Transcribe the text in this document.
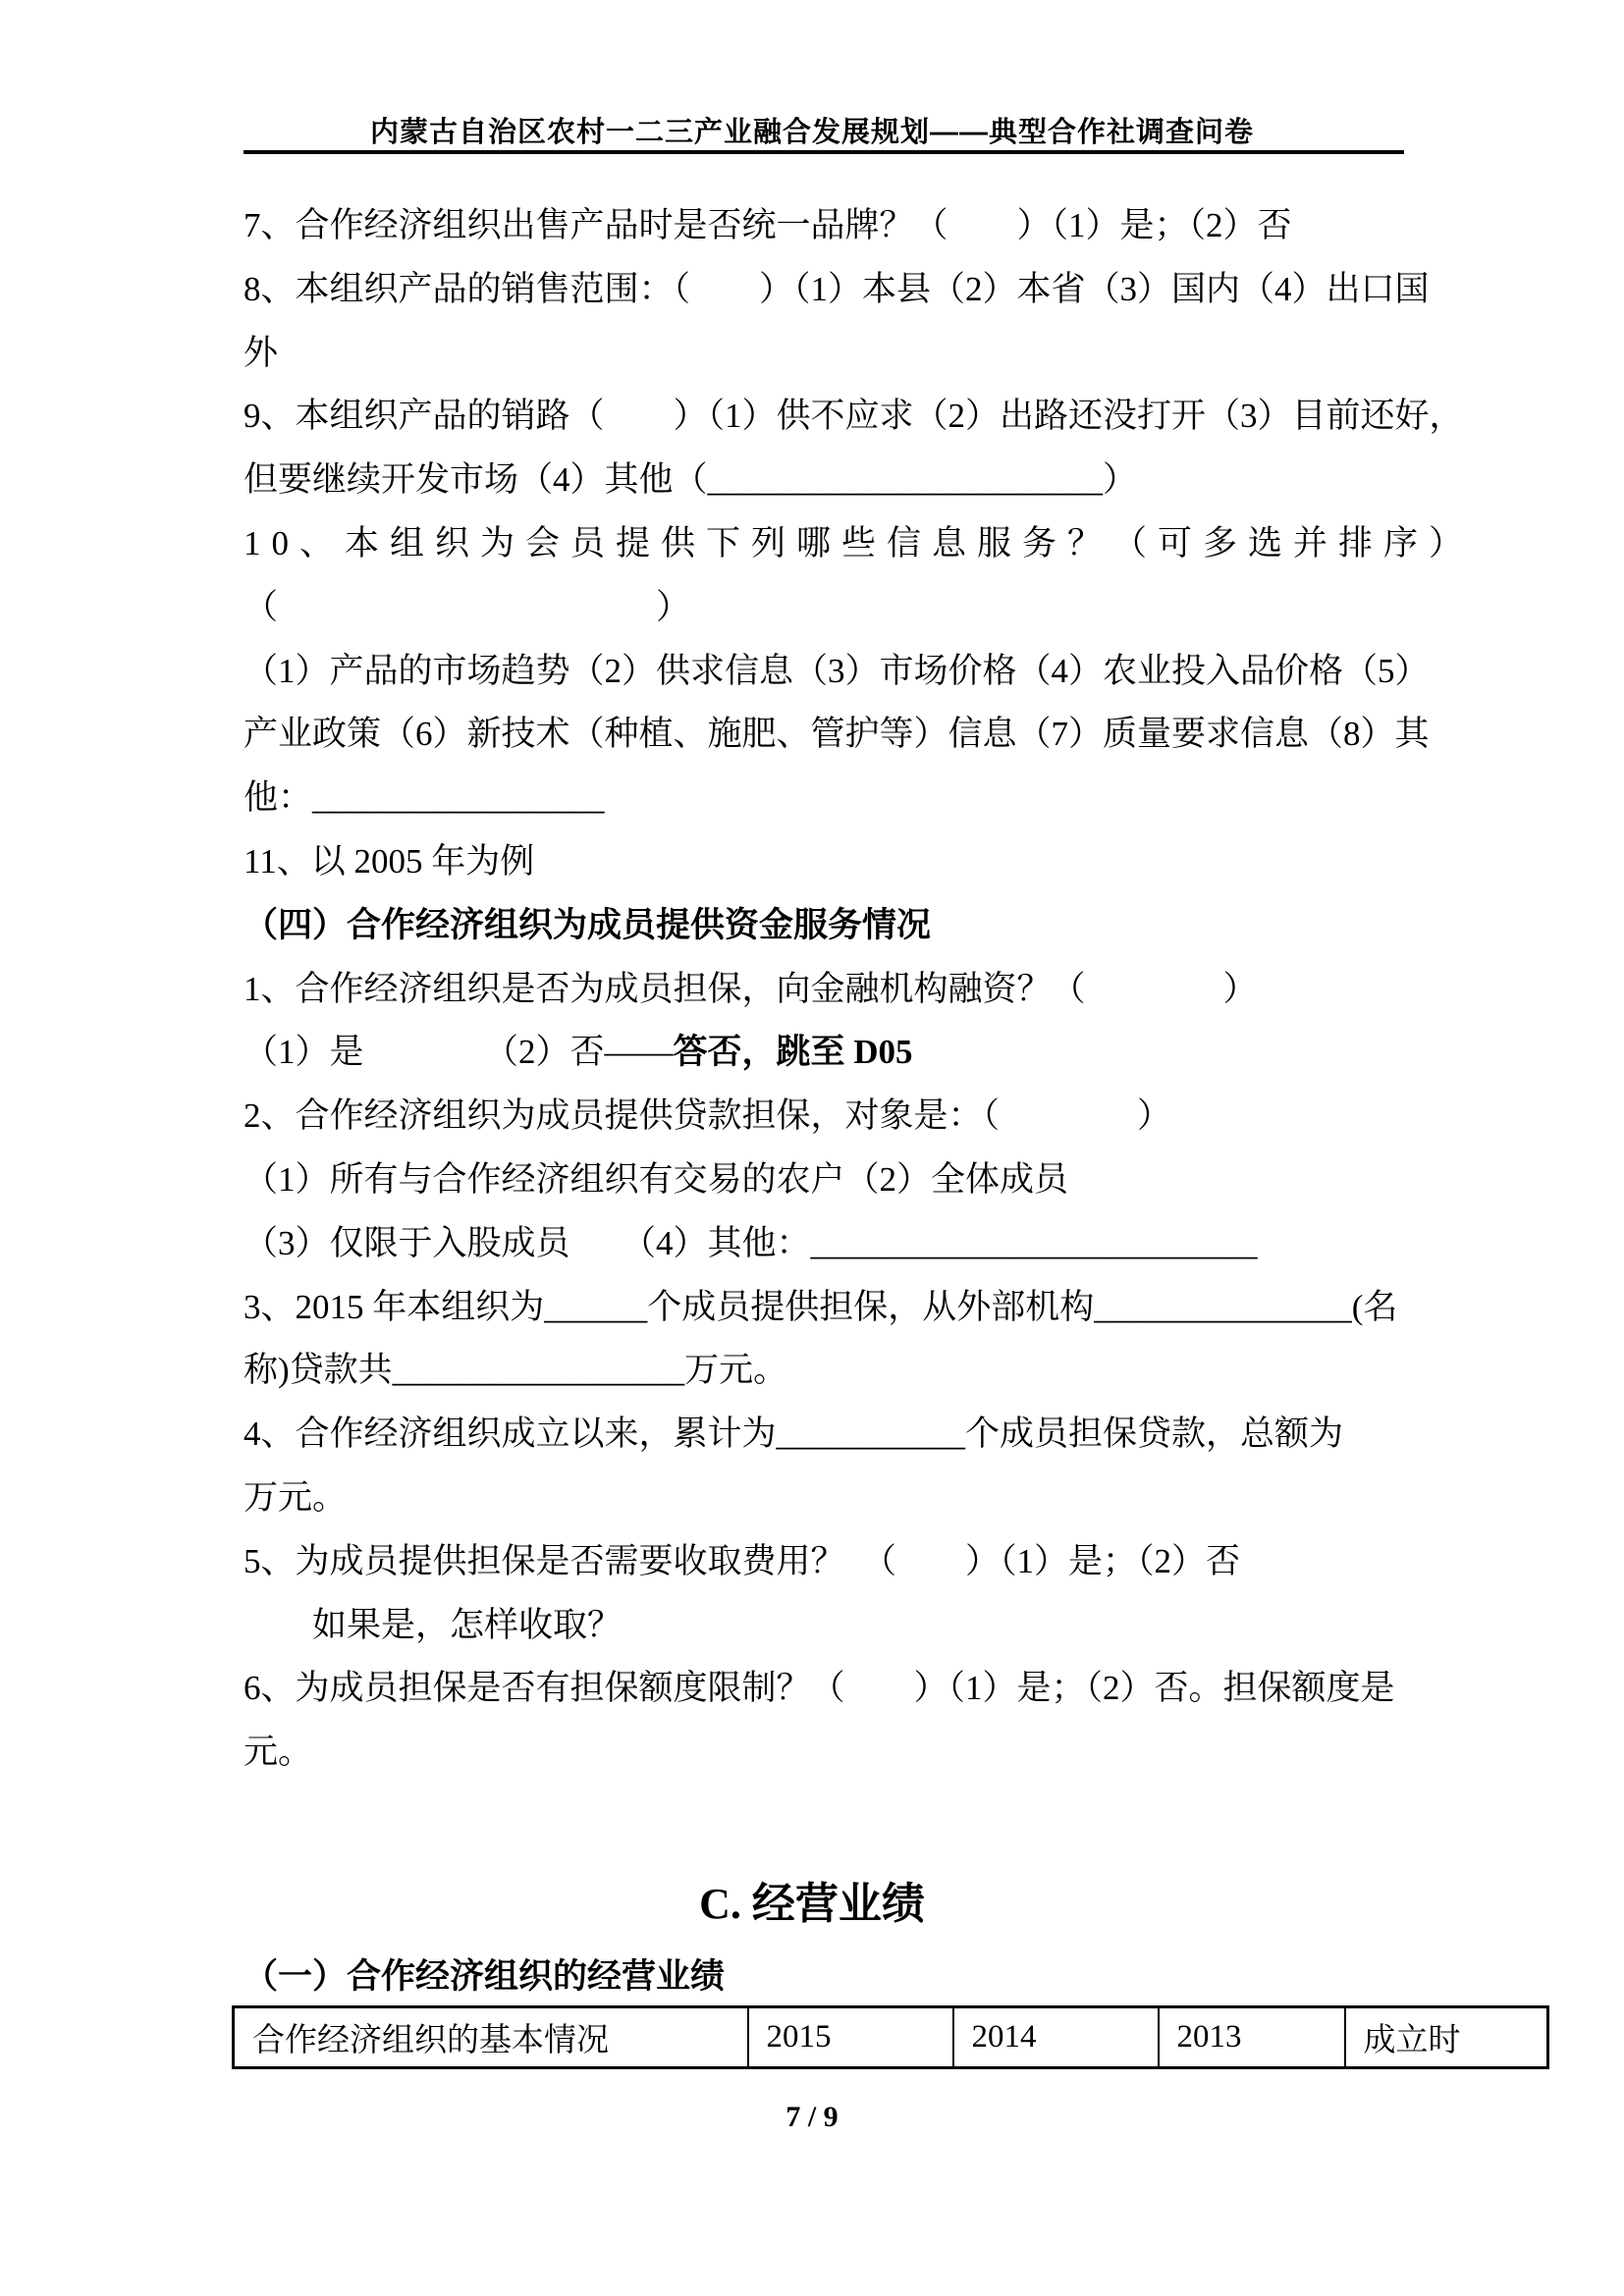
内蒙古自治区农村一二三产业融合发展规划——典型合作社调查问卷
7、合作经济组织出售产品时是否统一品牌？（　　）（1）是；（2）否
8、本组织产品的销售范围：（　　）（1）本县（2）本省（3）国内（4）出口国
外
9、本组织产品的销路（　　）（1）供不应求（2）出路还没打开（3）目前还好，
但要继续开发市场（4）其他（_______________________）
10、本组织为会员提供下列哪些信息服务？（可多选并排序）
（　　　　　　　　　　　）
（1）产品的市场趋势（2）供求信息（3）市场价格（4）农业投入品价格（5）
产业政策（6）新技术（种植、施肥、管护等）信息（7）质量要求信息（8）其
他：_________________
11、以 2005 年为例
（四）合作经济组织为成员提供资金服务情况
1、合作经济组织是否为成员担保，向金融机构融资？（　　　　）
（1）是　　　　（2）否——答否，跳至 D05
2、合作经济组织为成员提供贷款担保，对象是：（　　　　）
（1）所有与合作经济组织有交易的农户（2）全体成员
（3）仅限于入股成员　　（4）其他：__________________________
3、2015 年本组织为______个成员提供担保，从外部机构_______________(名
称)贷款共_________________万元。
4、合作经济组织成立以来，累计为___________个成员担保贷款，总额为
万元。
5、为成员提供担保是否需要收取费用？　（　　）（1）是；（2）否
　　如果是，怎样收取？
6、为成员担保是否有担保额度限制？（　　）（1）是；（2）否。担保额度是
元。
C. 经营业绩
（一）合作经济组织的经营业绩
合作经济组织的基本情况	2015	2014	2013	成立时
7 / 9
